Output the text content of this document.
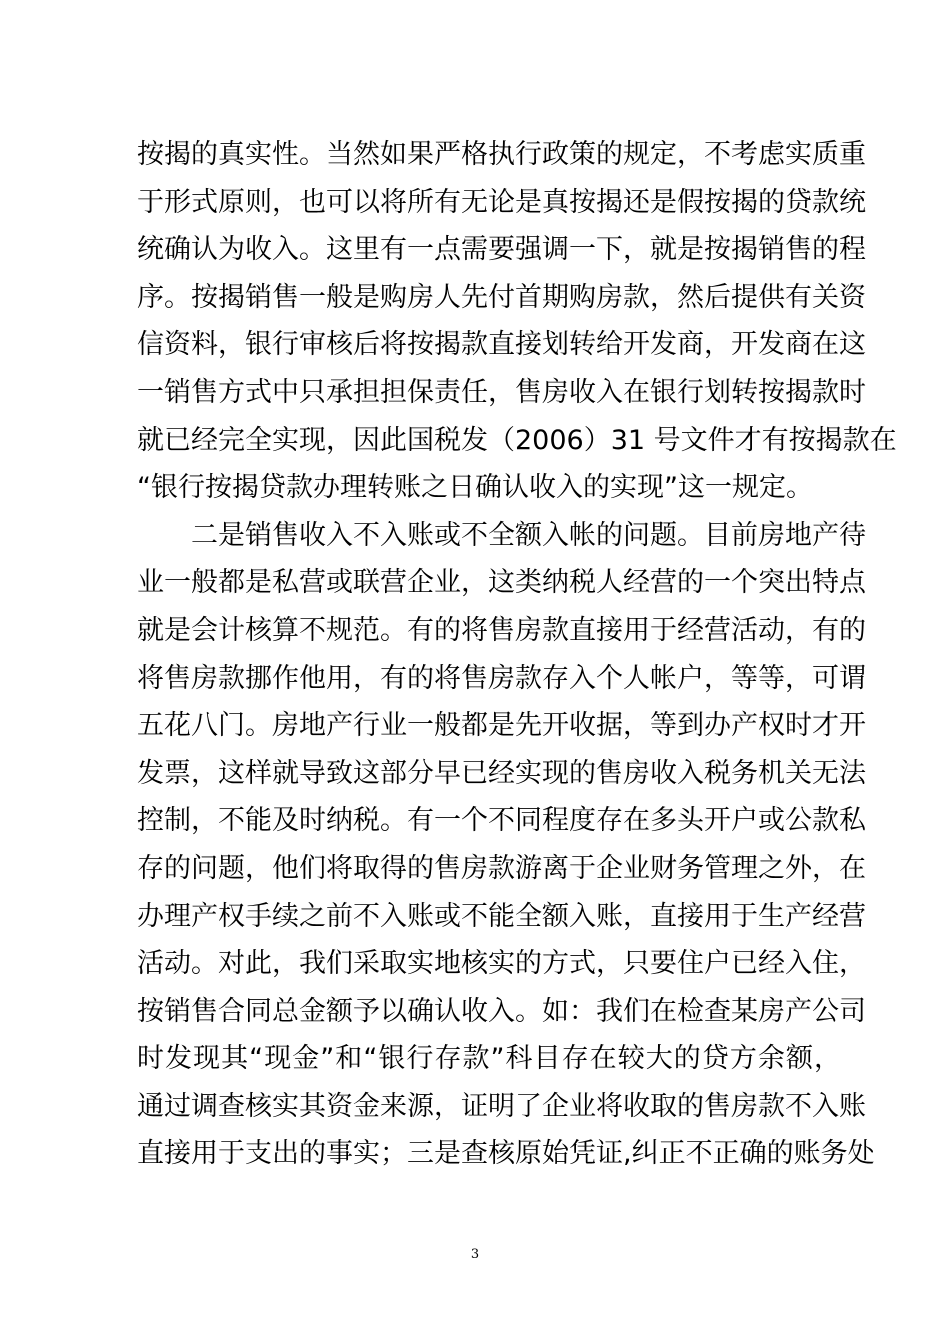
按揭的真实性。当然如果严格执行政策的规定，不考虑实质重
于形式原则，也可以将所有无论是真按揭还是假按揭的贷款统
统确认为收入。这里有一点需要强调一下，就是按揭销售的程
序。按揭销售一般是购房人先付首期购房款，然后提供有关资
信资料，银行审核后将按揭款直接划转给开发商，开发商在这
一销售方式中只承担担保责任，售房收入在银行划转按揭款时
就已经完全实现，因此国税发（2006）31 号文件才有按揭款在
“银行按揭贷款办理转账之日确认收入的实现”这一规定。
二是销售收入不入账或不全额入帐的问题。目前房地产待
业一般都是私营或联营企业，这类纳税人经营的一个突出特点
就是会计核算不规范。有的将售房款直接用于经营活动，有的
将售房款挪作他用，有的将售房款存入个人帐户，等等，可谓
五花八门。房地产行业一般都是先开收据，等到办产权时才开
发票，这样就导致这部分早已经实现的售房收入税务机关无法
控制，不能及时纳税。有一个不同程度存在多头开户或公款私
存的问题，他们将取得的售房款游离于企业财务管理之外，在
办理产权手续之前不入账或不能全额入账，直接用于生产经营
活动。对此，我们采取实地核实的方式，只要住户已经入住，
按销售合同总金额予以确认收入。如：我们在检查某房产公司
时发现其“现金”和“银行存款”科目存在较大的贷方余额，
通过调查核实其资金来源，证明了企业将收取的售房款不入账
直接用于支出的事实；三是查核原始凭证,纠正不正确的账务处
3
